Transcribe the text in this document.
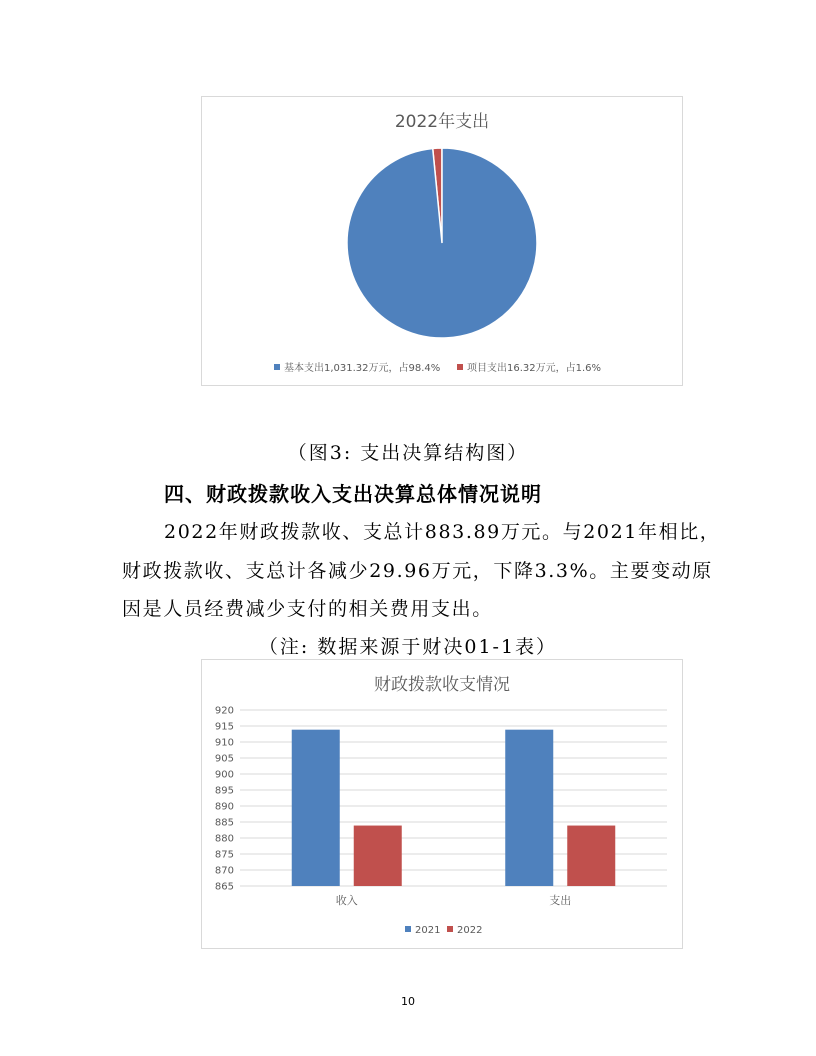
2022年支出
基本支出1,031.32万元，占98.4%	项目支出16.32万元，占1.6%
（图3: 支出决算结构图）
四、财政拨款收入支出决算总体情况说明
2022年财政拨款收、支总计883.89万元。与2021年相比，
财政拨款收、支总计各减少29.96万元，下降3.3%。主要变动原
因是人员经费减少支付的相关费用支出。
（注: 数据来源于财决01-1表）
财政拨款收支情况
865
870
875
880
885
890
895
900
905
910
915
920
收入	支出
2021 2022
10
